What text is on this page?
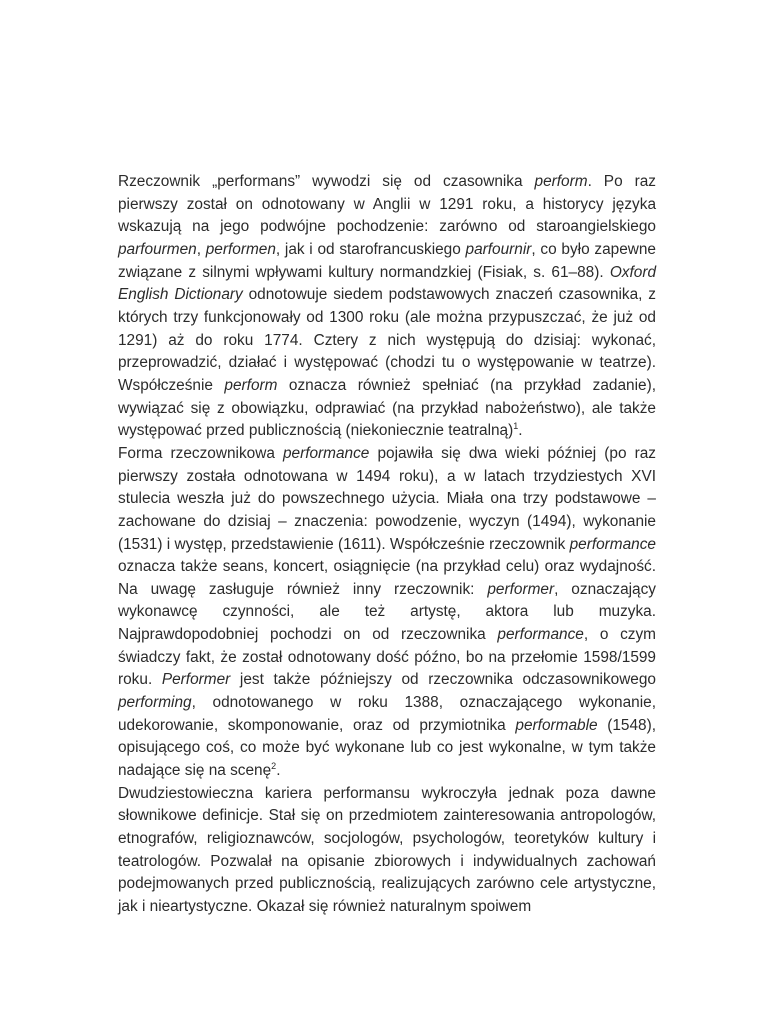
Rzeczownik „performans” wywodzi się od czasownika perform. Po raz pierwszy został on odnotowany w Anglii w 1291 roku, a historycy języka wskazują na jego podwójne pochodzenie: zarówno od staroangielskiego parfourmen, performen, jak i od starofrancuskiego parfournir, co było zapewne związane z silnymi wpływami kultury normandzkiej (Fisiak, s. 61–88). Oxford English Dictionary odnotowuje siedem podstawowych znaczeń czasownika, z których trzy funkcjonowały od 1300 roku (ale można przypuszczać, że już od 1291) aż do roku 1774. Cztery z nich występują do dzisiaj: wykonać, przeprowadzić, działać i występować (chodzi tu o występowanie w teatrze). Współcześnie perform oznacza również spełniać (na przykład zadanie), wywiązać się z obowiązku, odprawiać (na przykład nabożeństwo), ale także występować przed publicznością (niekoniecznie teatralną)$^1$.

Forma rzeczownikowa performance pojawiła się dwa wieki później (po raz pierwszy została odnotowana w 1494 roku), a w latach trzydziestych XVI stulecia weszła już do powszechnego użycia. Miała ona trzy podstawowe – zachowane do dzisiaj – znaczenia: powodzenie, wyczyn (1494), wykonanie (1531) i występ, przedstawienie (1611). Współcześnie rzeczownik performance oznacza także seans, koncert, osiągnięcie (na przykład celu) oraz wydajność. Na uwagę zasługuje również inny rzeczownik: performer, oznaczający wykonawcę czynności, ale też artystę, aktora lub muzyka. Najprawdopodobniej pochodzi on od rzeczownika performance, o czym świadczy fakt, że został odnotowany dość późno, bo na przełomie 1598/1599 roku. Performer jest także późniejszy od rzeczownika odczasownikowego performing, odnotowanego w roku 1388, oznaczającego wykonanie, udekorowanie, skomponowanie, oraz od przymiotnika performable (1548), opisującego coś, co może być wykonane lub co jest wykonalne, w tym także nadające się na scenę$^2$.

Dwudziestowieczna kariera performansu wykroczyła jednak poza dawne słownikowe definicje. Stał się on przedmiotem zainteresowania antropologów, etnografów, religioznawców, socjologów, psychologów, teoretyków kultury i teatrologów. Pozwalał na opisanie zbiorowych i indywidualnych zachowań podejmowanych przed publicznością, realizujących zarówno cele artystyczne, jak i nieartystyczne. Okazał się również naturalnym spoiwem
